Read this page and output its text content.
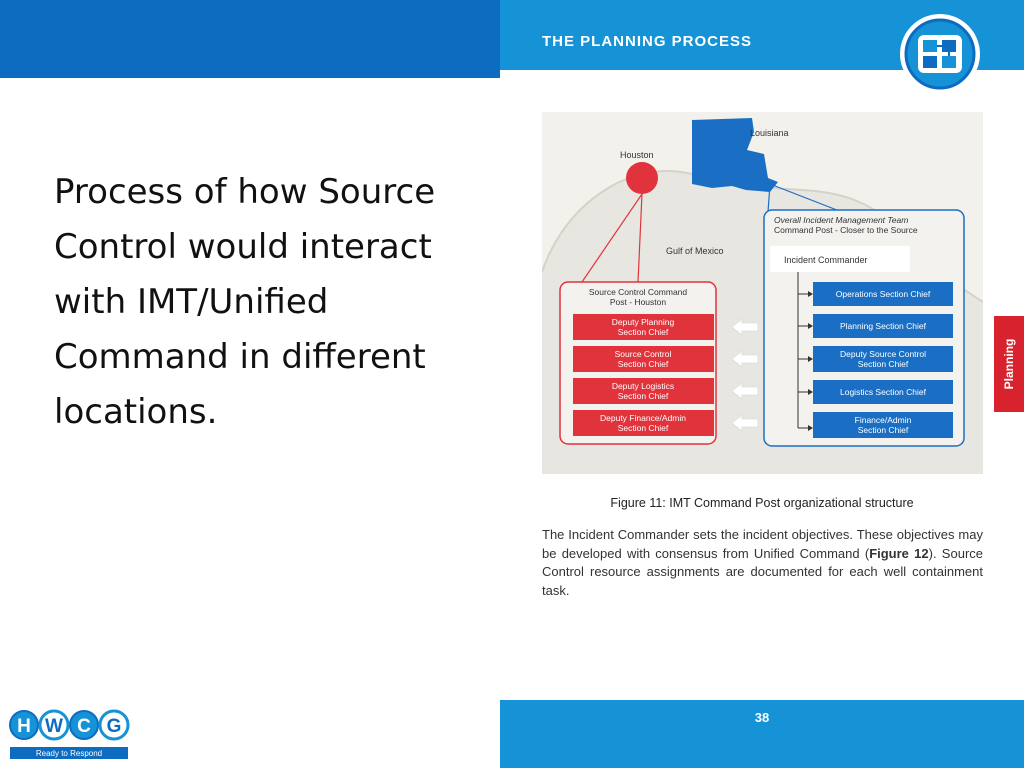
Process of how Source Control would interact with IMT/Unified Command in different locations.
THE PLANNING PROCESS
Louisiana
Houston
Gulf of Mexico
Source Control Command
Post - Houston
Deputy Planning
Section Chief
Source Control
Section Chief
Deputy Logistics
Section Chief
Deputy Finance/Admin
Section Chief
Overall Incident Management Team
Command Post - Closer to the Source
Incident Commander
Operations Section Chief
Planning Section Chief
Deputy Source Control
Section Chief
Logistics Section Chief
Finance/Admin
Section Chief
Figure 11: IMT Command Post organizational structure
The Incident Commander sets the incident objectives. These objectives may be developed with consensus from Unified Command (Figure 12). Source Control resource assignments are documented for each well containment task.
38
Planning
H W C G
Ready to Respond
